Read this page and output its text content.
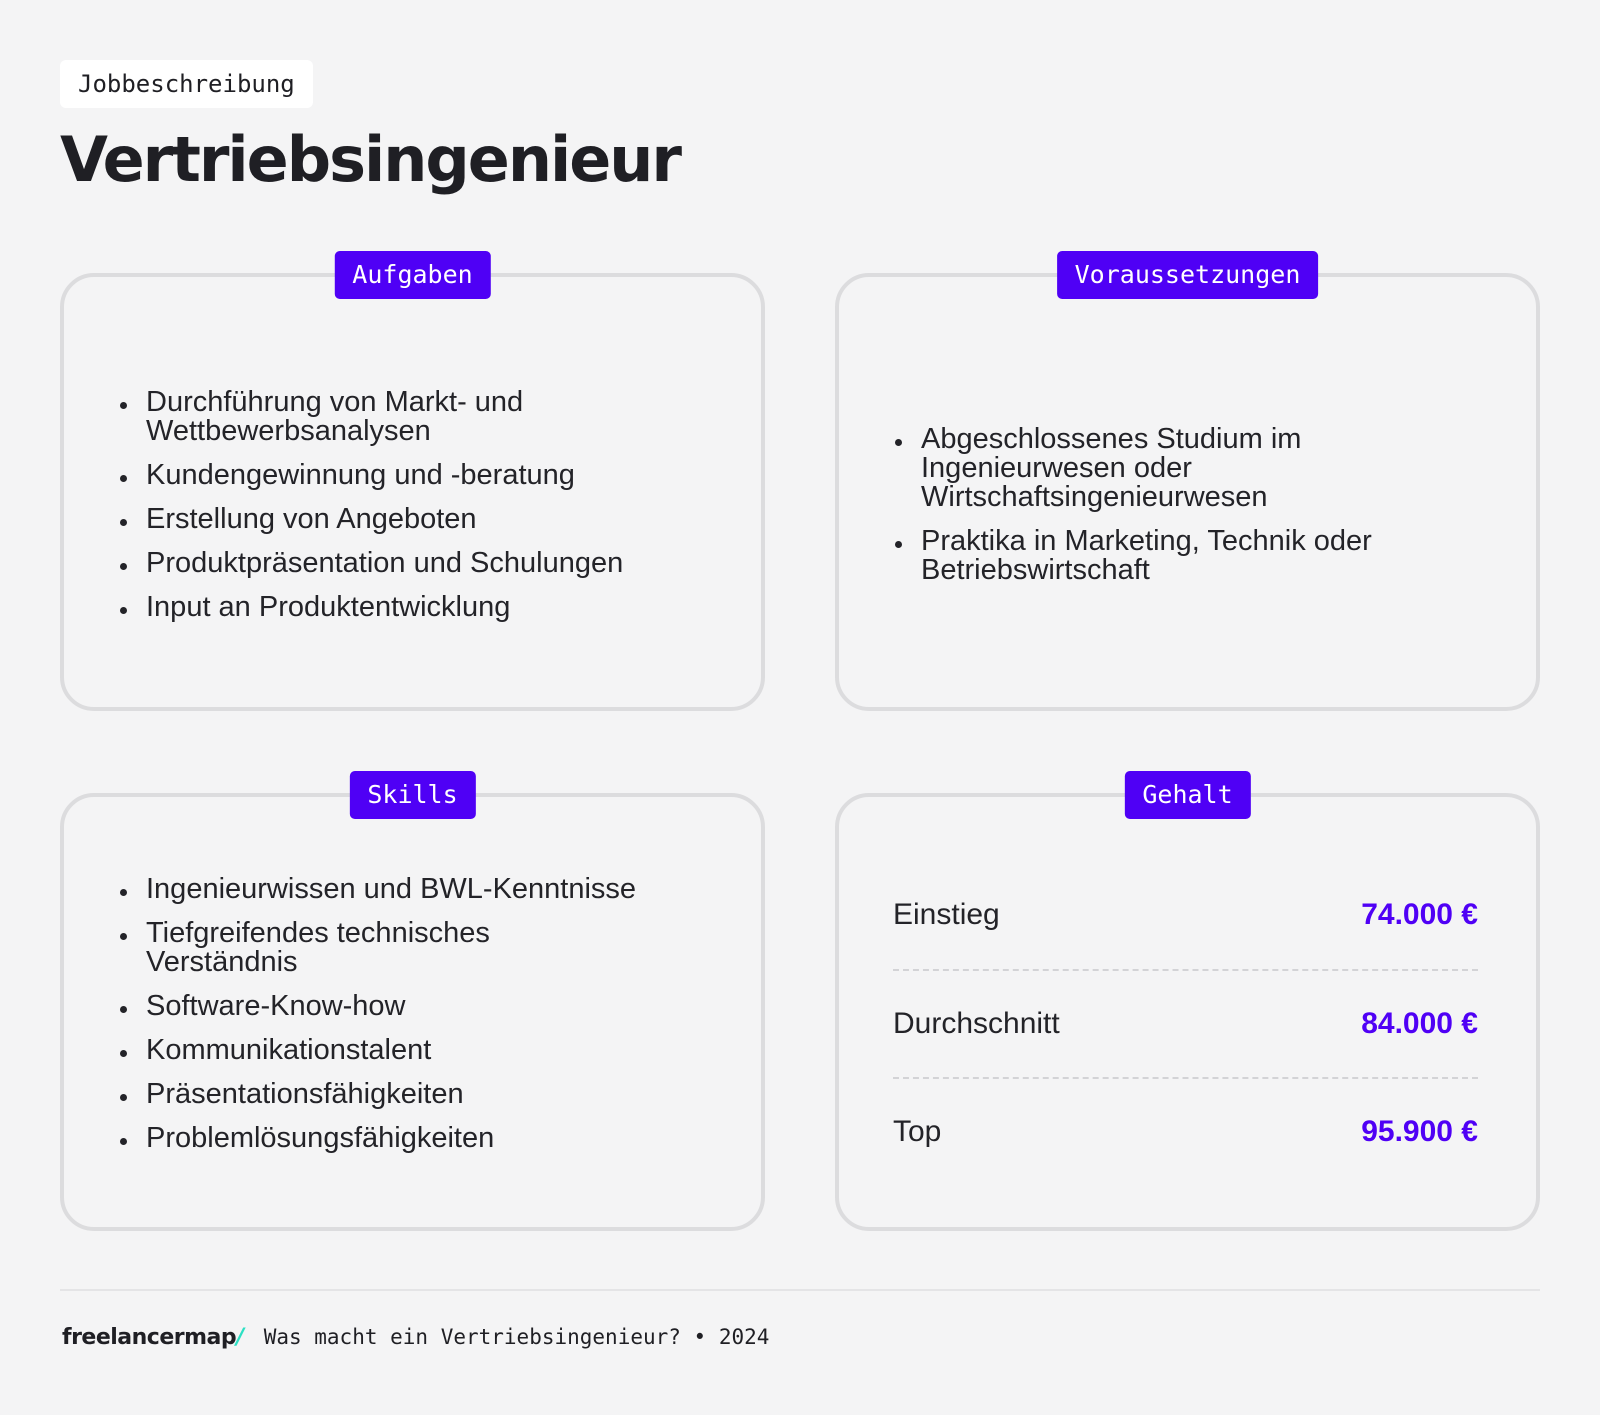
Jobbeschreibung
Vertriebsingenieur
Aufgaben
Durchführung von Markt- und Wettbewerbsanalysen
Kundengewinnung und -beratung
Erstellung von Angeboten
Produktpräsentation und Schulungen
Input an Produktentwicklung
Voraussetzungen
Abgeschlossenes Studium im Ingenieurwesen oder Wirtschaftsingenieurwesen
Praktika in Marketing, Technik oder Betriebswirtschaft
Skills
Ingenieurwissen und BWL-Kenntnisse
Tiefgreifendes technisches Verständnis
Software-Know-how
Kommunikationstalent
Präsentationsfähigkeiten
Problemlösungsfähigkeiten
Gehalt
Einstieg	74.000 €
Durchschnitt	84.000 €
Top	95.900 €
freelancermap/ Was macht ein Vertriebsingenieur? • 2024
